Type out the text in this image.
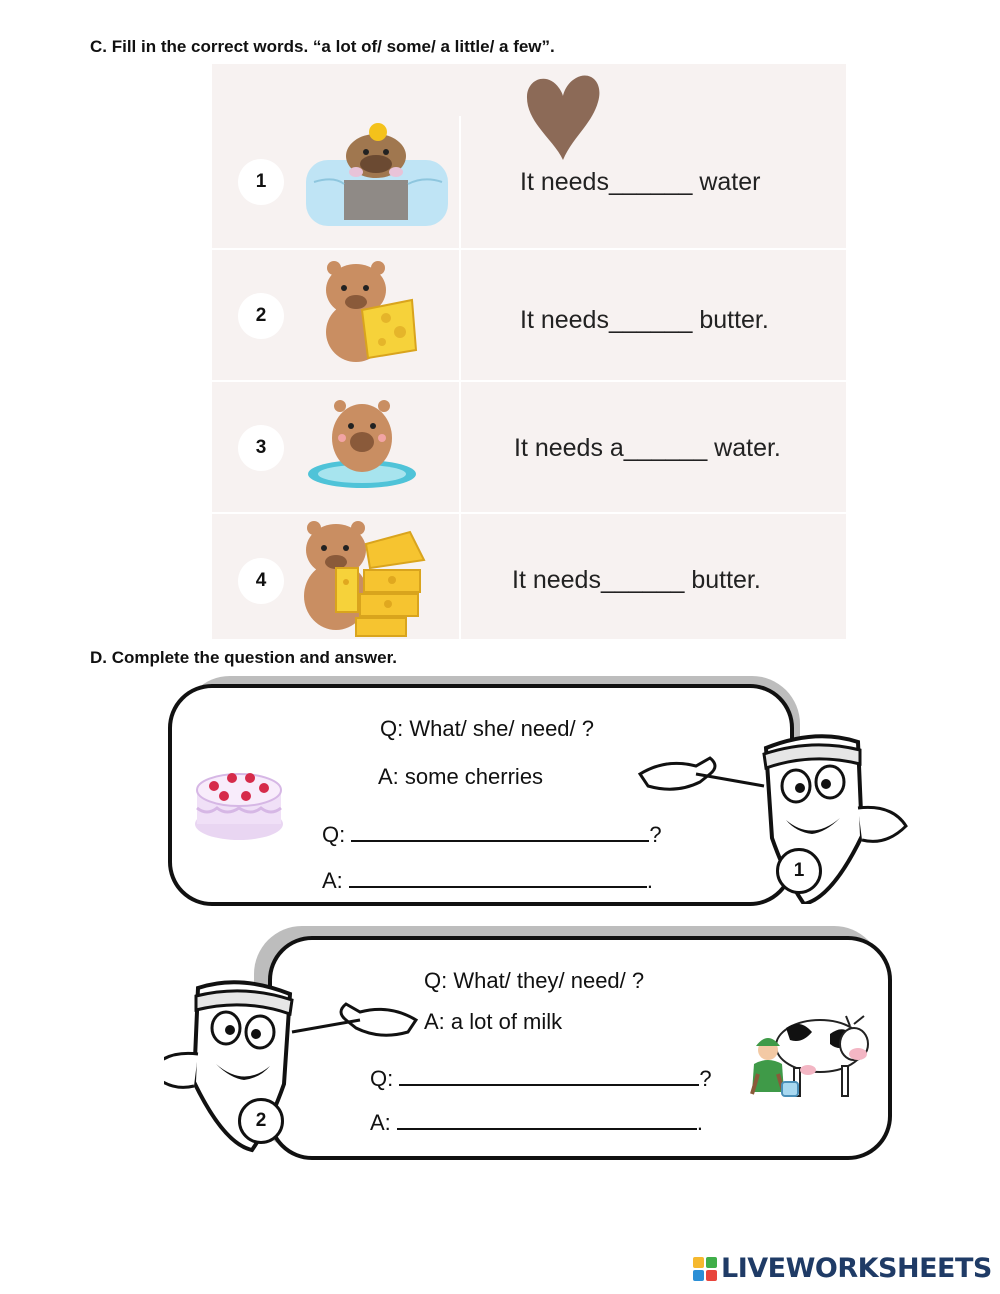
C. Fill in the correct words. “a lot of/ some/ a little/ a few”.
1	It needs______ water
2	It needs______ butter.
3	It needs a______ water.
4	It needs______ butter.
D. Complete the question and answer.
Q: What/ she/ need/ ?
A: some cherries
Q:	?
A:	.	1
2
Q: What/ they/ need/ ?
A: a lot of milk
Q:	?
A:	.
LIVEWORKSHEETS
